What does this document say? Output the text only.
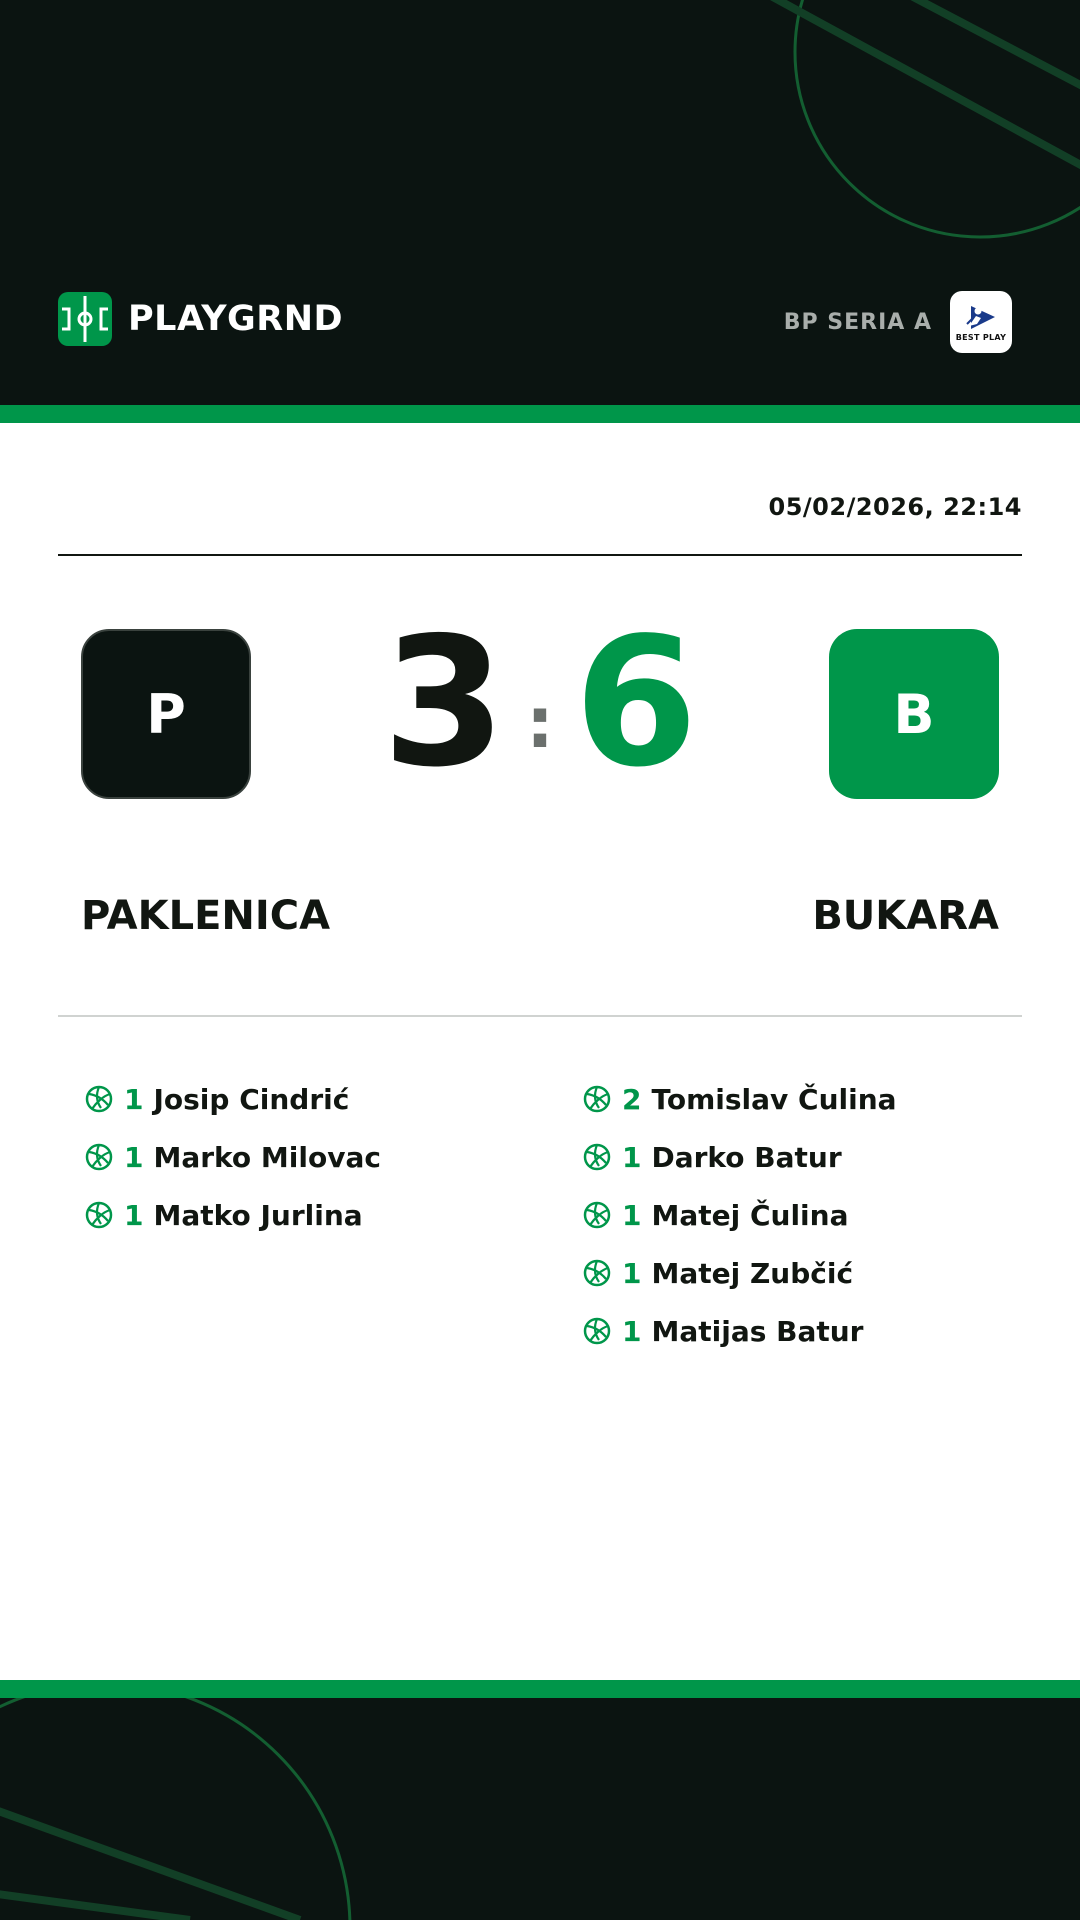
PLAYGRND	BP SERIA A
BEST PLAY
05/02/2026, 22:14
P 3 : 6	B
PAKLENICA	BUKARA
1 Josip Cindrić
1 Marko Milovac
1 Matko Jurlina
2 Tomislav Čulina
1 Darko Batur
1 Matej Čulina
1 Matej Zubčić
1 Matijas Batur
